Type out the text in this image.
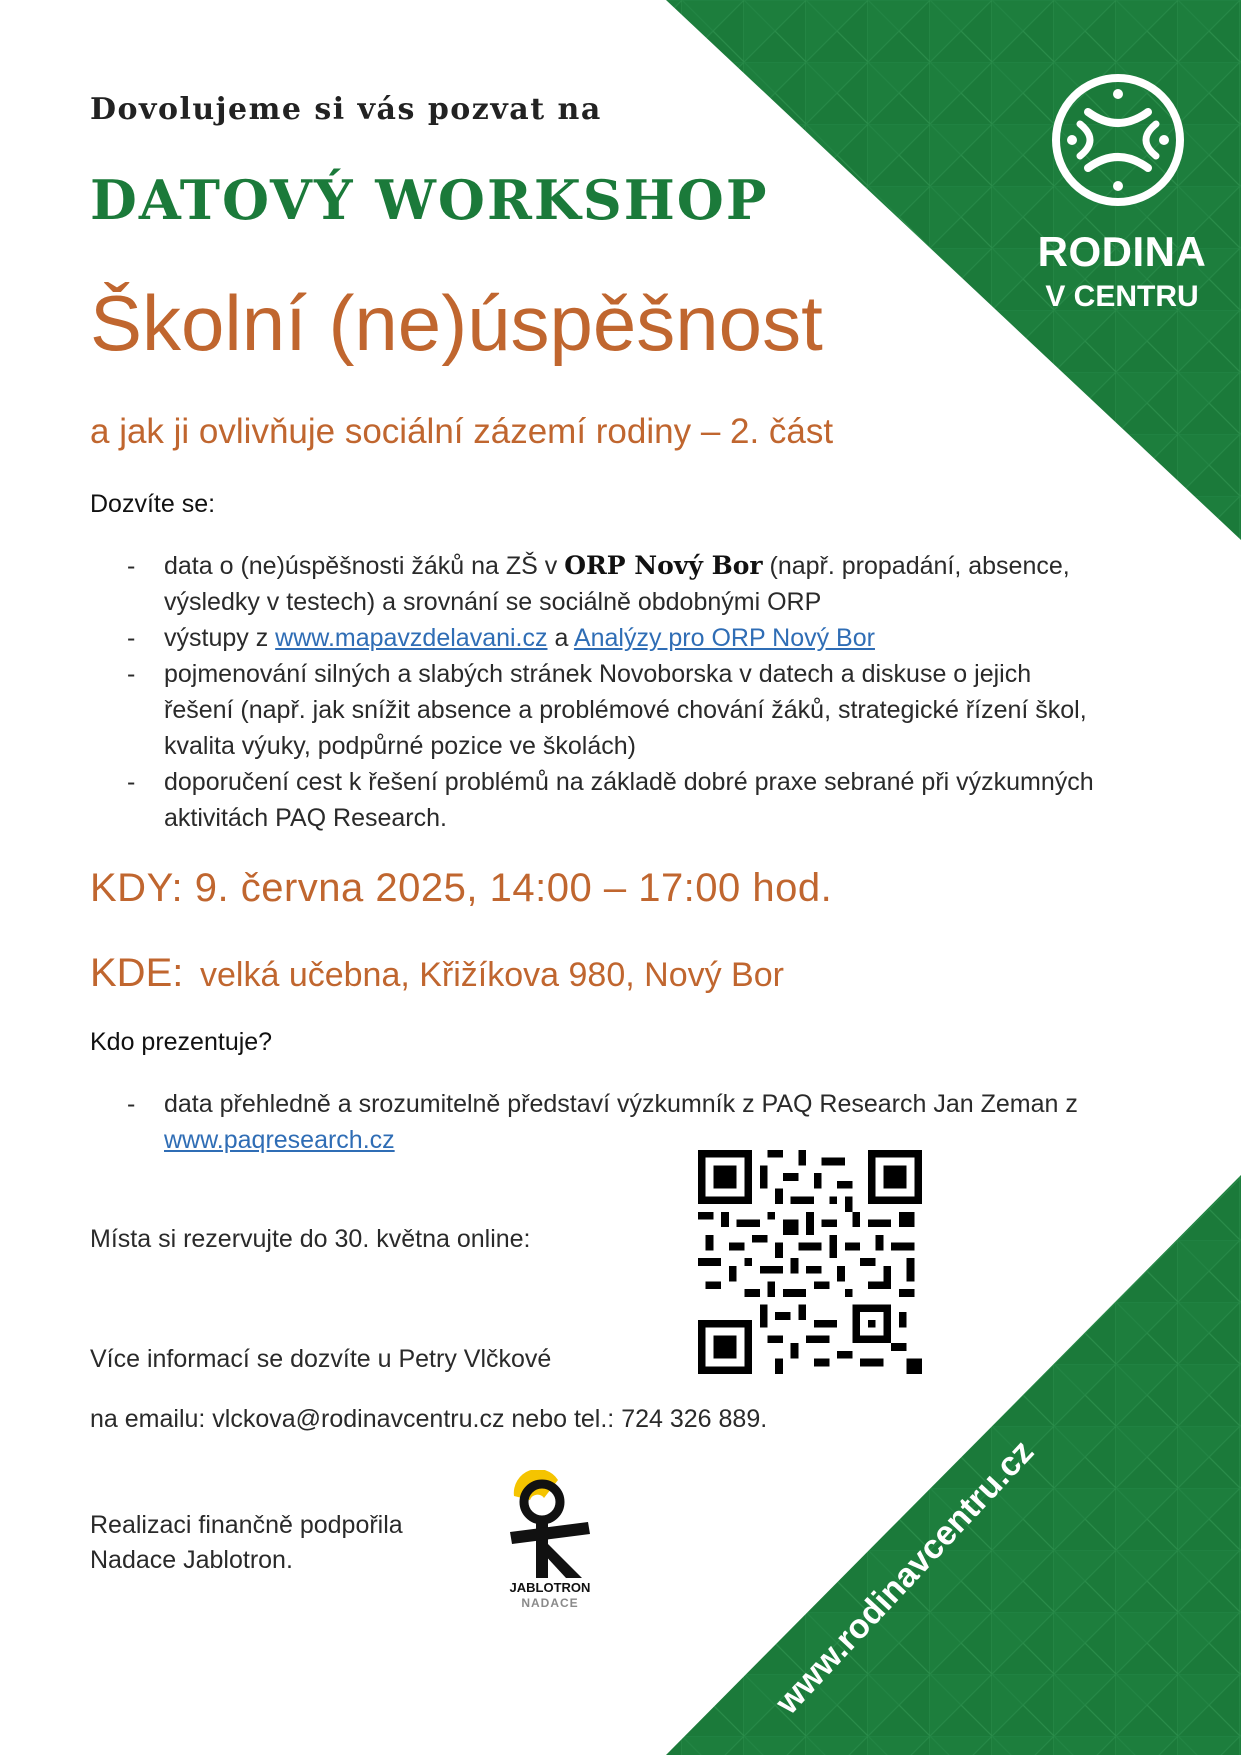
RODINA
V CENTRU
www.rodinavcentru.cz
Dovolujeme si vás pozvat na
DATOVÝ WORKSHOP
Školní (ne)úspěšnost
a jak ji ovlivňuje sociální zázemí rodiny – 2. část
Dozvíte se:
- data o (ne)úspěšnosti žáků na ZŠ v ORP Nový Bor (např. propadání, absence, výsledky v testech) a srovnání se sociálně obdobnými ORP
- výstupy z www.mapavzdelavani.cz a Analýzy pro ORP Nový Bor
- pojmenování silných a slabých stránek Novoborska v datech a diskuse o jejich řešení (např. jak snížit absence a problémové chování žáků, strategické řízení škol, kvalita výuky, podpůrné pozice ve školách)
- doporučení cest k řešení problémů na základě dobré praxe sebrané při výzkumných aktivitách PAQ Research.
KDY: 9. června 2025, 14:00 – 17:00 hod.
KDE: velká učebna, Křižíkova 980, Nový Bor
Kdo prezentuje?
- data přehledně a srozumitelně představí výzkumník z PAQ Research Jan Zeman z www.paqresearch.cz
Místa si rezervujte do 30. května online:
Více informací se dozvíte u Petry Vlčkové
na emailu: vlckova@rodinavcentru.cz nebo tel.: 724 326 889.
Realizaci finančně podpořila
Nadace Jablotron.
JABLOTRON
NADACE
